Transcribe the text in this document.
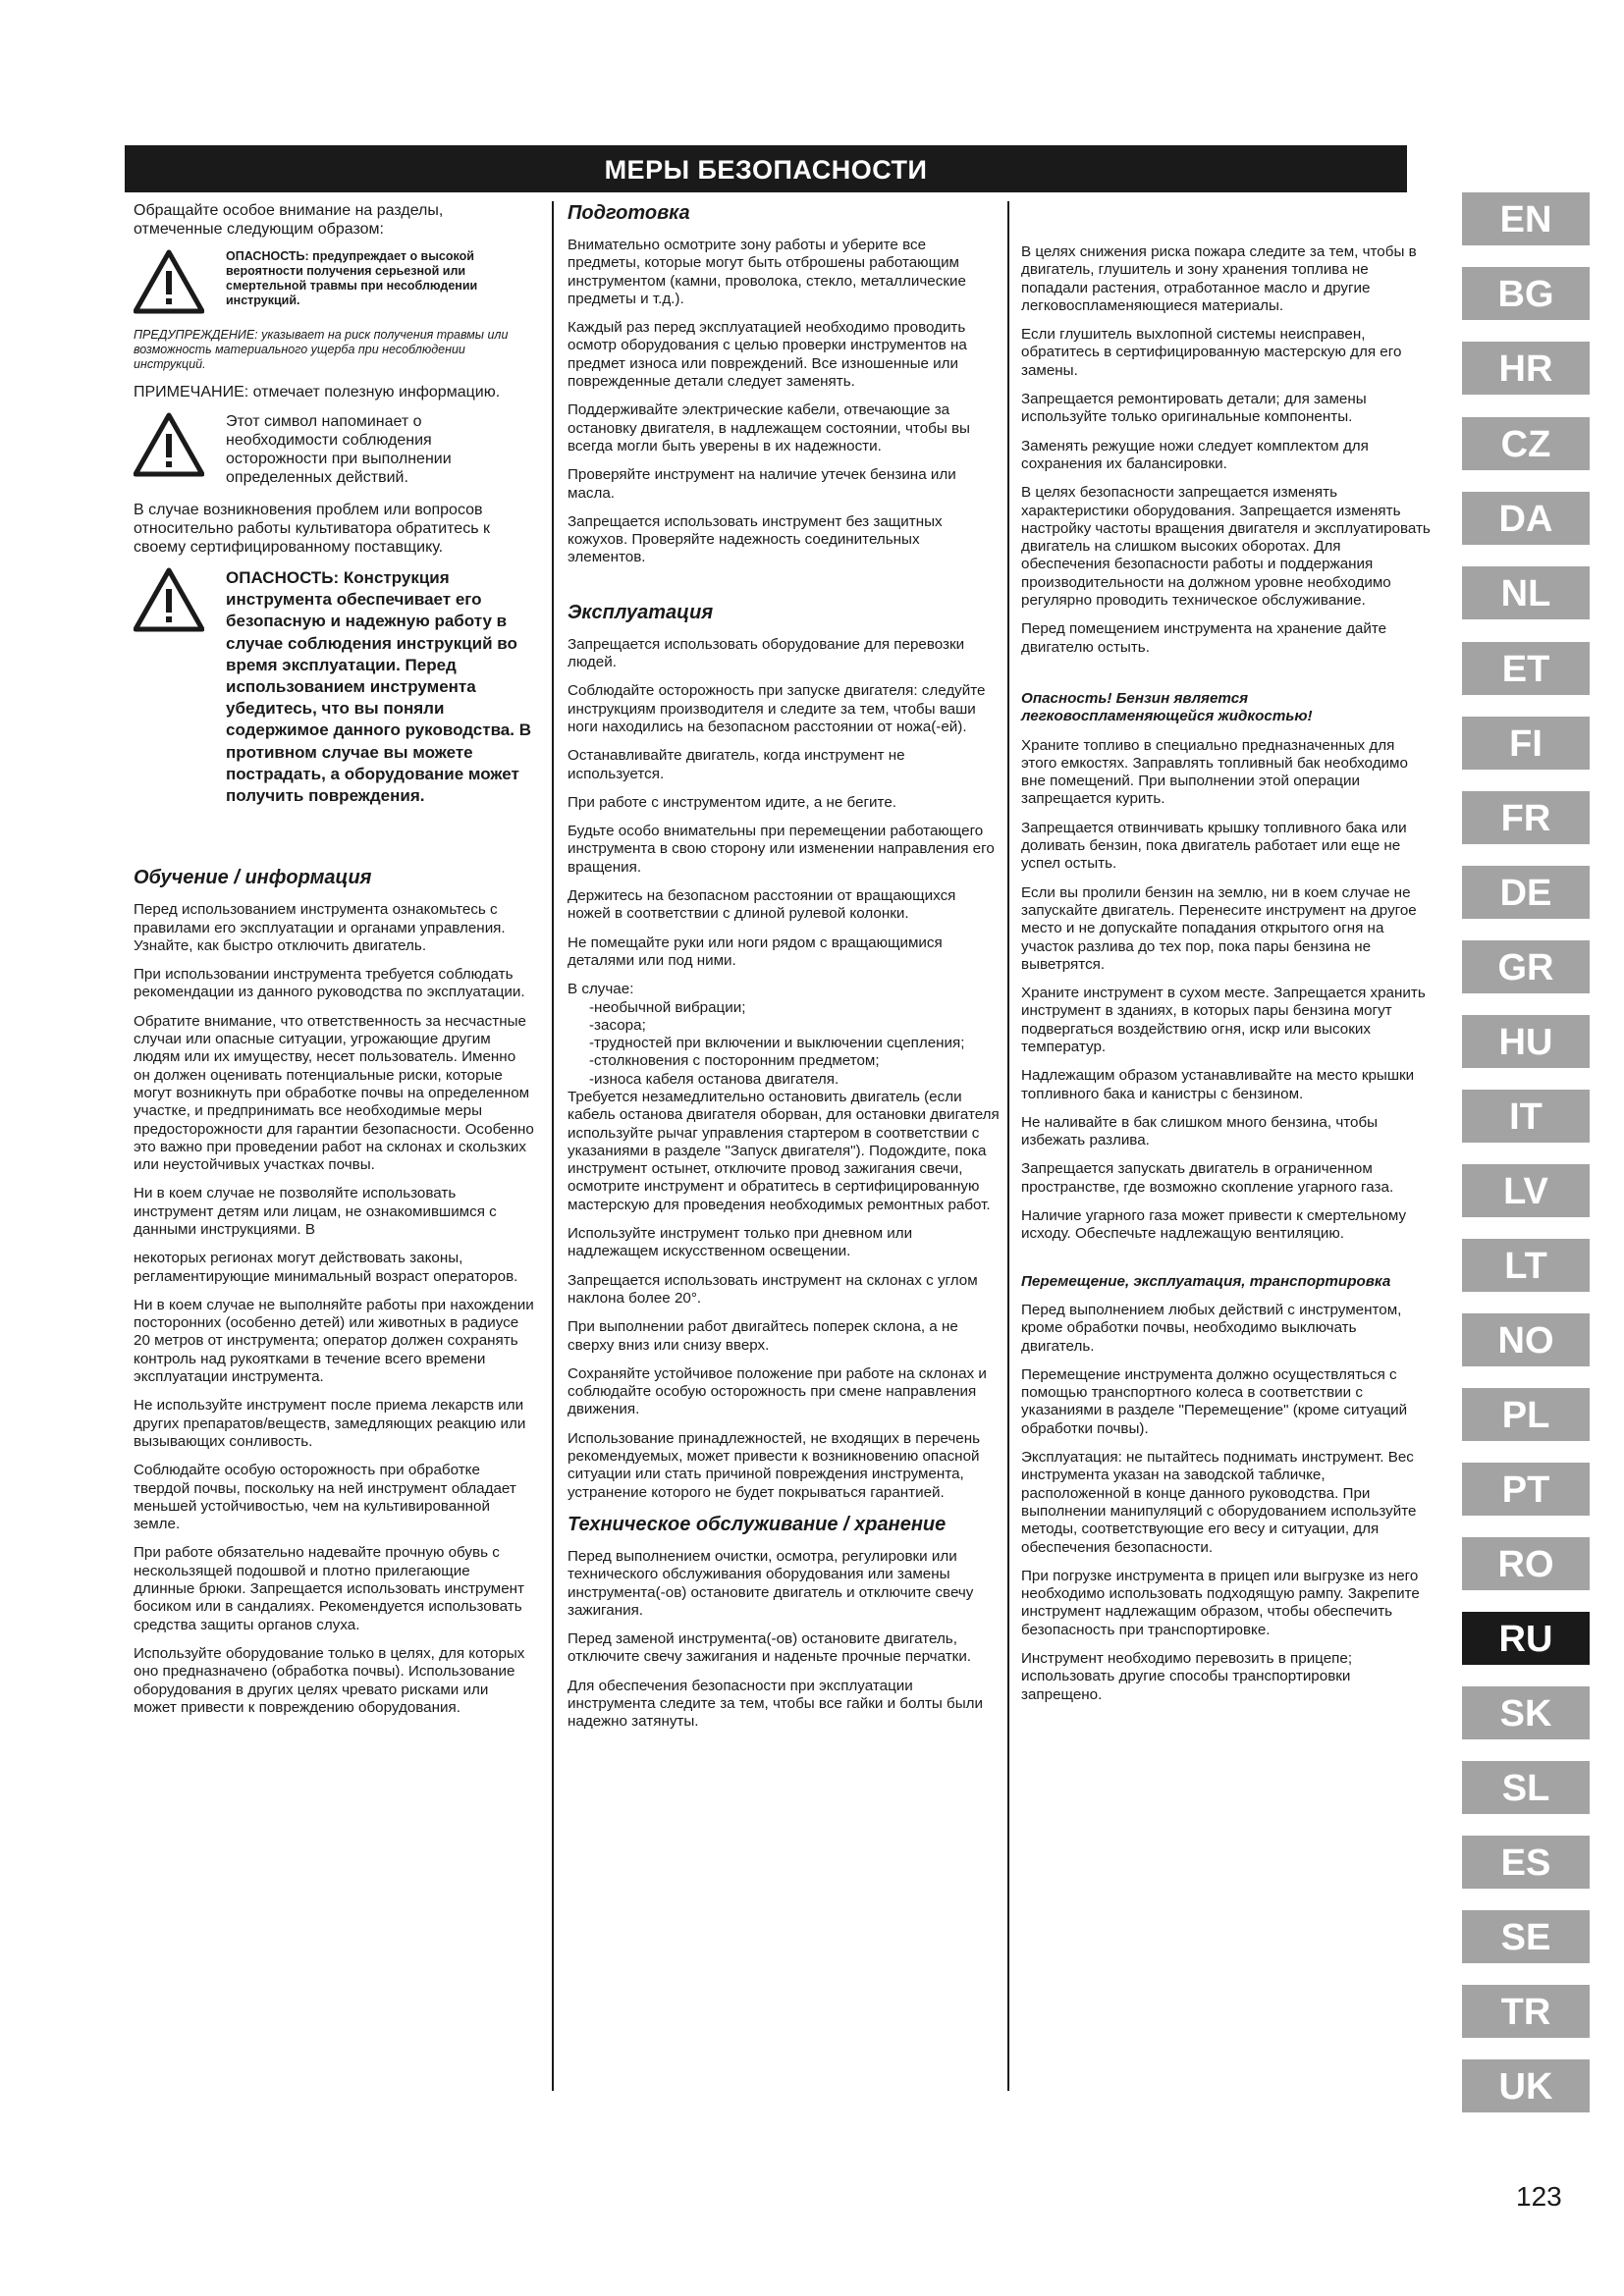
МЕРЫ БЕЗОПАСНОСТИ

Обращайте особое внимание на разделы, отмеченные следующим образом:

ОПАСНОСТЬ: предупреждает о высокой вероятности получения серьезной или смертельной травмы при несоблюдении инструкций.

ПРЕДУПРЕЖДЕНИЕ: указывает на риск получения травмы или возможность материального ущерба при несоблюдении инструкций.

ПРИМЕЧАНИЕ: отмечает полезную информацию.

Этот символ напоминает о необходимости соблюдения осторожности при выполнении определенных действий.

В случае возникновения проблем или вопросов относительно работы культиватора обратитесь к своему сертифицированному поставщику.

ОПАСНОСТЬ: Конструкция инструмента обеспечивает его безопасную и надежную работу в случае соблюдения инструкций во время эксплуатации. Перед использованием инструмента убедитесь, что вы поняли содержимое данного руководства. В противном случае вы можете пострадать, а оборудование может получить повреждения.
Обучение / информация

Перед использованием инструмента ознакомьтесь с правилами его эксплуатации и органами управления. Узнайте, как быстро отключить двигатель.

При использовании инструмента требуется соблюдать рекомендации из данного руководства по эксплуатации.

Обратите внимание, что ответственность за несчастные случаи или опасные ситуации, угрожающие другим людям или их имуществу, несет пользователь. Именно он должен оценивать потенциальные риски, которые могут возникнуть при обработке почвы на определенном участке, и предпринимать все необходимые меры предосторожности для гарантии безопасности. Особенно это важно при проведении работ на склонах и скользких или неустойчивых участках почвы.

Ни в коем случае не позволяйте использовать инструмент детям или лицам, не ознакомившимся с данными инструкциями. В

некоторых регионах могут действовать законы, регламентирующие минимальный возраст операторов.

Ни в коем случае не выполняйте работы при нахождении посторонних (особенно детей) или животных в радиусе 20 метров от инструмента; оператор должен сохранять контроль над рукоятками в течение всего времени эксплуатации инструмента.

Не используйте инструмент после приема лекарств или других препаратов/веществ, замедляющих реакцию или вызывающих сонливость.

Соблюдайте особую осторожность при обработке твердой почвы, поскольку на ней инструмент обладает меньшей устойчивостью, чем на культивированной земле.

При работе обязательно надевайте прочную обувь с нескользящей подошвой и плотно прилегающие длинные брюки. Запрещается использовать инструмент босиком или в сандалиях. Рекомендуется использовать средства защиты органов слуха.

Используйте оборудование только в целях, для которых оно предназначено (обработка почвы). Использование оборудования в других целях чревато рисками или может привести к повреждению оборудования.

Подготовка

Внимательно осмотрите зону работы и уберите все предметы, которые могут быть отброшены работающим инструментом (камни, проволока, стекло, металлические предметы и т.д.).

Каждый раз перед эксплуатацией необходимо проводить осмотр оборудования с целью проверки инструментов на предмет износа или повреждений. Все изношенные или поврежденные детали следует заменять.

Поддерживайте электрические кабели, отвечающие за остановку двигателя, в надлежащем состоянии, чтобы вы всегда могли быть уверены в их надежности.

Проверяйте инструмент на наличие утечек бензина или масла.

Запрещается использовать инструмент без защитных кожухов. Проверяйте надежность соединительных элементов.

Эксплуатация

Запрещается использовать оборудование для перевозки людей.

Соблюдайте осторожность при запуске двигателя: следуйте инструкциям производителя и следите за тем, чтобы ваши ноги находились на безопасном расстоянии от ножа(-ей).

Останавливайте двигатель, когда инструмент не используется.

При работе с инструментом идите, а не бегите.

Будьте особо внимательны при перемещении работающего инструмента в свою сторону или изменении направления его вращения.

Держитесь на безопасном расстоянии от вращающихся ножей в соответствии с длиной рулевой колонки.

Не помещайте руки или ноги рядом с вращающимися деталями или под ними.

В случае:
-необычной вибрации;
-засора;
-трудностей при включении и выключении сцепления;
-столкновения с посторонним предметом;
-износа кабеля останова двигателя.

Требуется незамедлительно остановить двигатель (если кабель останова двигателя оборван, для остановки двигателя используйте рычаг управления стартером в соответствии с указаниями в разделе "Запуск двигателя"). Подождите, пока инструмент остынет, отключите провод зажигания свечи, осмотрите инструмент и обратитесь в сертифицированную мастерскую для проведения необходимых ремонтных работ.

Используйте инструмент только при дневном или надлежащем искусственном освещении.

Запрещается использовать инструмент на склонах с углом наклона более 20°.

При выполнении работ двигайтесь поперек склона, а не сверху вниз или снизу вверх.

Сохраняйте устойчивое положение при работе на склонах и соблюдайте особую осторожность при смене направления движения.

Использование принадлежностей, не входящих в перечень рекомендуемых, может привести к возникновению опасной ситуации или стать причиной повреждения инструмента, устранение которого не будет покрываться гарантией.

Техническое обслуживание / хранение

Перед выполнением очистки, осмотра, регулировки или технического обслуживания оборудования или замены инструмента(-ов) остановите двигатель и отключите свечу зажигания.

Перед заменой инструмента(-ов) остановите двигатель, отключите свечу зажигания и наденьте прочные перчатки.

Для обеспечения безопасности при эксплуатации инструмента следите за тем, чтобы все гайки и болты были надежно затянуты.

В целях снижения риска пожара следите за тем, чтобы в двигатель, глушитель и зону хранения топлива не попадали растения, отработанное масло и другие легковоспламеняющиеся материалы.

Если глушитель выхлопной системы неисправен, обратитесь в сертифицированную мастерскую для его замены.

Запрещается ремонтировать детали; для замены используйте только оригинальные компоненты.

Заменять режущие ножи следует комплектом для сохранения их балансировки.

В целях безопасности запрещается изменять характеристики оборудования. Запрещается изменять настройку частоты вращения двигателя и эксплуатировать двигатель на слишком высоких оборотах. Для обеспечения безопасности работы и поддержания производительности на должном уровне необходимо регулярно проводить техническое обслуживание.

Перед помещением инструмента на хранение дайте двигателю остыть.

Опасность! Бензин является легковоспламеняющейся жидкостью!

Храните топливо в специально предназначенных для этого емкостях. Заправлять топливный бак необходимо вне помещений. При выполнении этой операции запрещается курить.

Запрещается отвинчивать крышку топливного бака или доливать бензин, пока двигатель работает или еще не успел остыть.

Если вы пролили бензин на землю, ни в коем случае не запускайте двигатель. Перенесите инструмент на другое место и не допускайте попадания открытого огня на участок разлива до тех пор, пока пары бензина не выветрятся.

Храните инструмент в сухом месте. Запрещается хранить инструмент в зданиях, в которых пары бензина могут подвергаться воздействию огня, искр или высоких температур.

Надлежащим образом устанавливайте на место крышки топливного бака и канистры с бензином.

Не наливайте в бак слишком много бензина, чтобы избежать разлива.

Запрещается запускать двигатель в ограниченном пространстве, где возможно скопление угарного газа.

Наличие угарного газа может привести к смертельному исходу. Обеспечьте надлежащую вентиляцию.

Перемещение, эксплуатация, транспортировка

Перед выполнением любых действий с инструментом, кроме обработки почвы, необходимо выключать двигатель.

Перемещение инструмента должно осуществляться с помощью транспортного колеса в соответствии с указаниями в разделе "Перемещение" (кроме ситуаций обработки почвы).

Эксплуатация: не пытайтесь поднимать инструмент. Вес инструмента указан на заводской табличке, расположенной в конце данного руководства. При выполнении манипуляций с оборудованием используйте методы, соответствующие его весу и ситуации, для обеспечения безопасности.

При погрузке инструмента в прицеп или выгрузке из него необходимо использовать подходящую рампу. Закрепите инструмент надлежащим образом, чтобы обеспечить безопасность при транспортировке.

Инструмент необходимо перевозить в прицепе; использовать другие способы транспортировки запрещено.

EN
BG
HR
CZ
DA
NL
ET
FI
FR
DE
GR
HU
IT
LV
LT
NO
PL
PT
RO
RU
SK
SL
ES
SE
TR
UK
123
